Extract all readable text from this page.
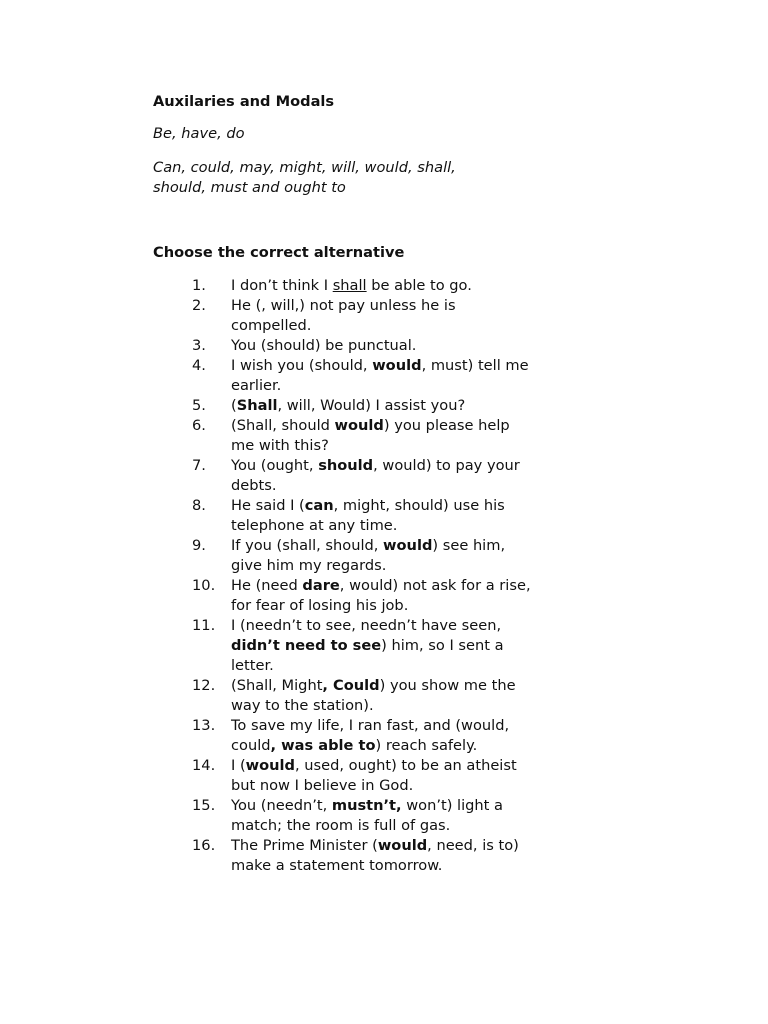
Auxilaries and Modals
Be, have, do
Can, could, may, might, will, would, shall,
should, must and ought to
Choose the correct alternative
1.	I don’t think I shall be able to go.
2.	He (, will,) not pay unless he is
compelled.
3.	You (should) be punctual.
4.	I wish you (should, would, must) tell me
earlier.
5.	(Shall, will, Would) I assist you?
6.	(Shall, should would) you please help
me with this?
7.	You (ought, should, would) to pay your
debts.
8.	He said I (can, might, should) use his
telephone at any time.
9.	If you (shall, should, would) see him,
give him my regards.
10.	He (need dare, would) not ask for a rise,
for fear of losing his job.
11.	I (needn’t to see, needn’t have seen,
didn’t need to see) him, so I sent a
letter.
12.	(Shall, Might, Could) you show me the
way to the station).
13.	To save my life, I ran fast, and (would,
could, was able to) reach safely.
14.	I (would, used, ought) to be an atheist
but now I believe in God.
15.	You (needn’t, mustn’t, won’t) light a
match; the room is full of gas.
16.	The Prime Minister (would, need, is to)
make a statement tomorrow.
